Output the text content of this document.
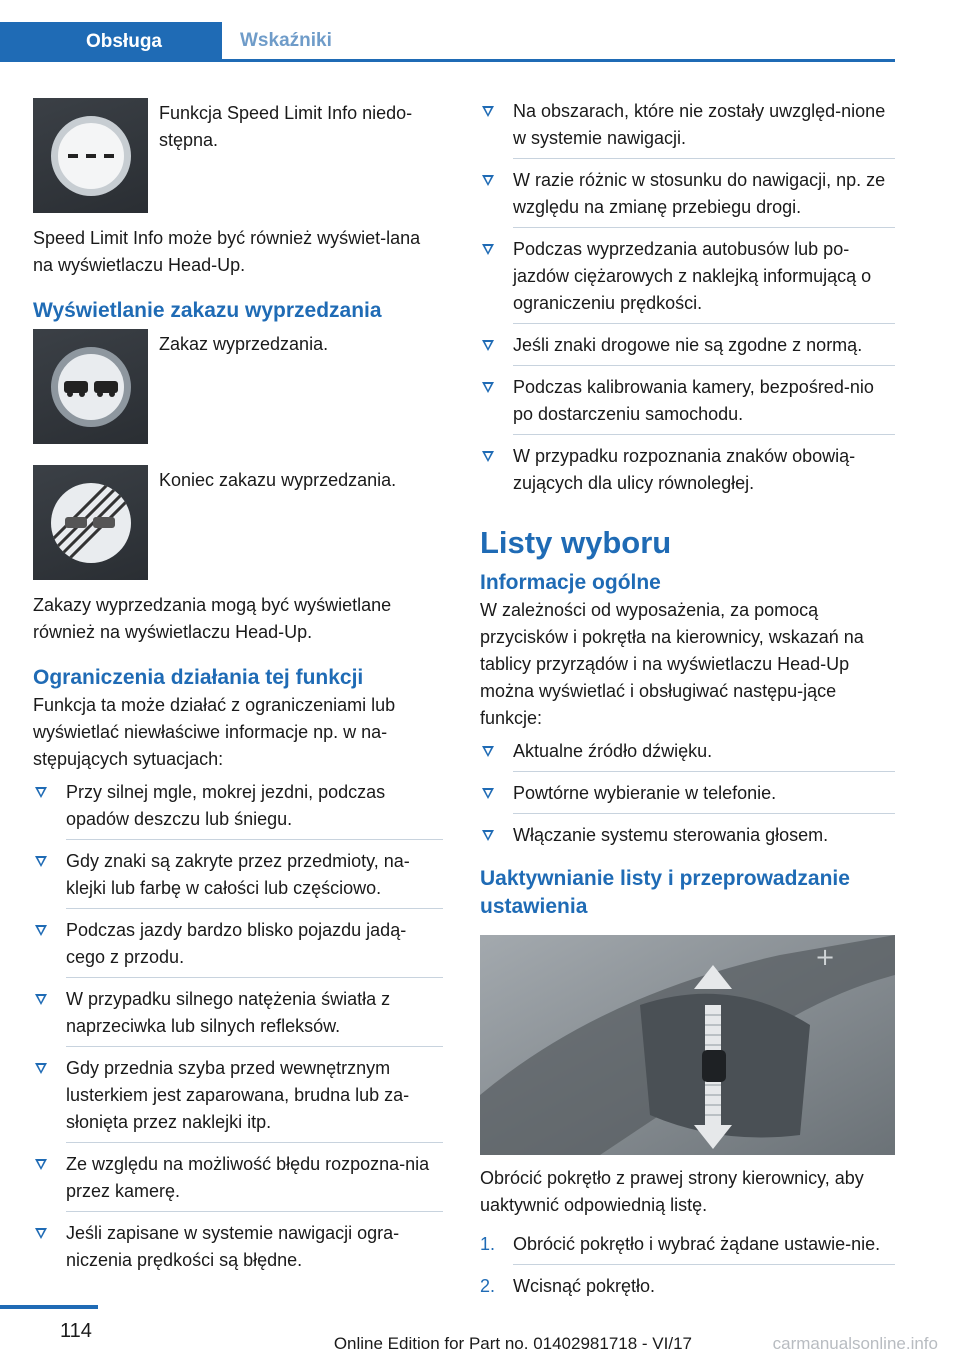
Obsługa	Wskaźniki

Funkcja Speed Limit Info niedo-stępna.

Speed Limit Info może być również wyświet-lana na wyświetlaczu Head-Up.

Wyświetlanie zakazu wyprzedzania

Zakaz wyprzedzania.

Koniec zakazu wyprzedzania.

Zakazy wyprzedzania mogą być wyświetlane również na wyświetlaczu Head-Up.

Ograniczenia działania tej funkcji

Funkcja ta może działać z ograniczeniami lub wyświetlać niewłaściwe informacje np. w na-stępujących sytuacjach:

Przy silnej mgle, mokrej jezdni, podczas opadów deszczu lub śniegu.
Gdy znaki są zakryte przez przedmioty, na-klejki lub farbę w całości lub częściowo.
Podczas jazdy bardzo blisko pojazdu jadą-cego z przodu.
W przypadku silnego natężenia światła z naprzeciwka lub silnych refleksów.
Gdy przednia szyba przed wewnętrznym lusterkiem jest zaparowana, brudna lub za-słonięta przez naklejki itp.
Ze względu na możliwość błędu rozpozna-nia przez kamerę.
Jeśli zapisane w systemie nawigacji ogra-niczenia prędkości są błędne.
Na obszarach, które nie zostały uwzględ-nione w systemie nawigacji.
W razie różnic w stosunku do nawigacji, np. ze względu na zmianę przebiegu drogi.
Podczas wyprzedzania autobusów lub po-jazdów ciężarowych z naklejką informującą o ograniczeniu prędkości.
Jeśli znaki drogowe nie są zgodne z normą.
Podczas kalibrowania kamery, bezpośred-nio po dostarczeniu samochodu.
W przypadku rozpoznania znaków obowią-zujących dla ulicy równoległej.
Listy wyboru
Informacje ogólne

W zależności od wyposażenia, za pomocą przycisków i pokrętła na kierownicy, wskazań na tablicy przyrządów i na wyświetlaczu Head-Up można wyświetlać i obsługiwać następu-jące funkcje:

Aktualne źródło dźwięku.
Powtórne wybieranie w telefonie.
Włączanie systemu sterowania głosem.
Uaktywnianie listy i przeprowadzanie ustawienia
+

Obrócić pokrętło z prawej strony kierownicy, aby uaktywnić odpowiednią listę.

1. Obrócić pokrętło i wybrać żądane ustawie-nie.
2. Wcisnąć pokrętło.
114
Online Edition for Part no. 01402981718 - VI/17	carmanualsonline.info
